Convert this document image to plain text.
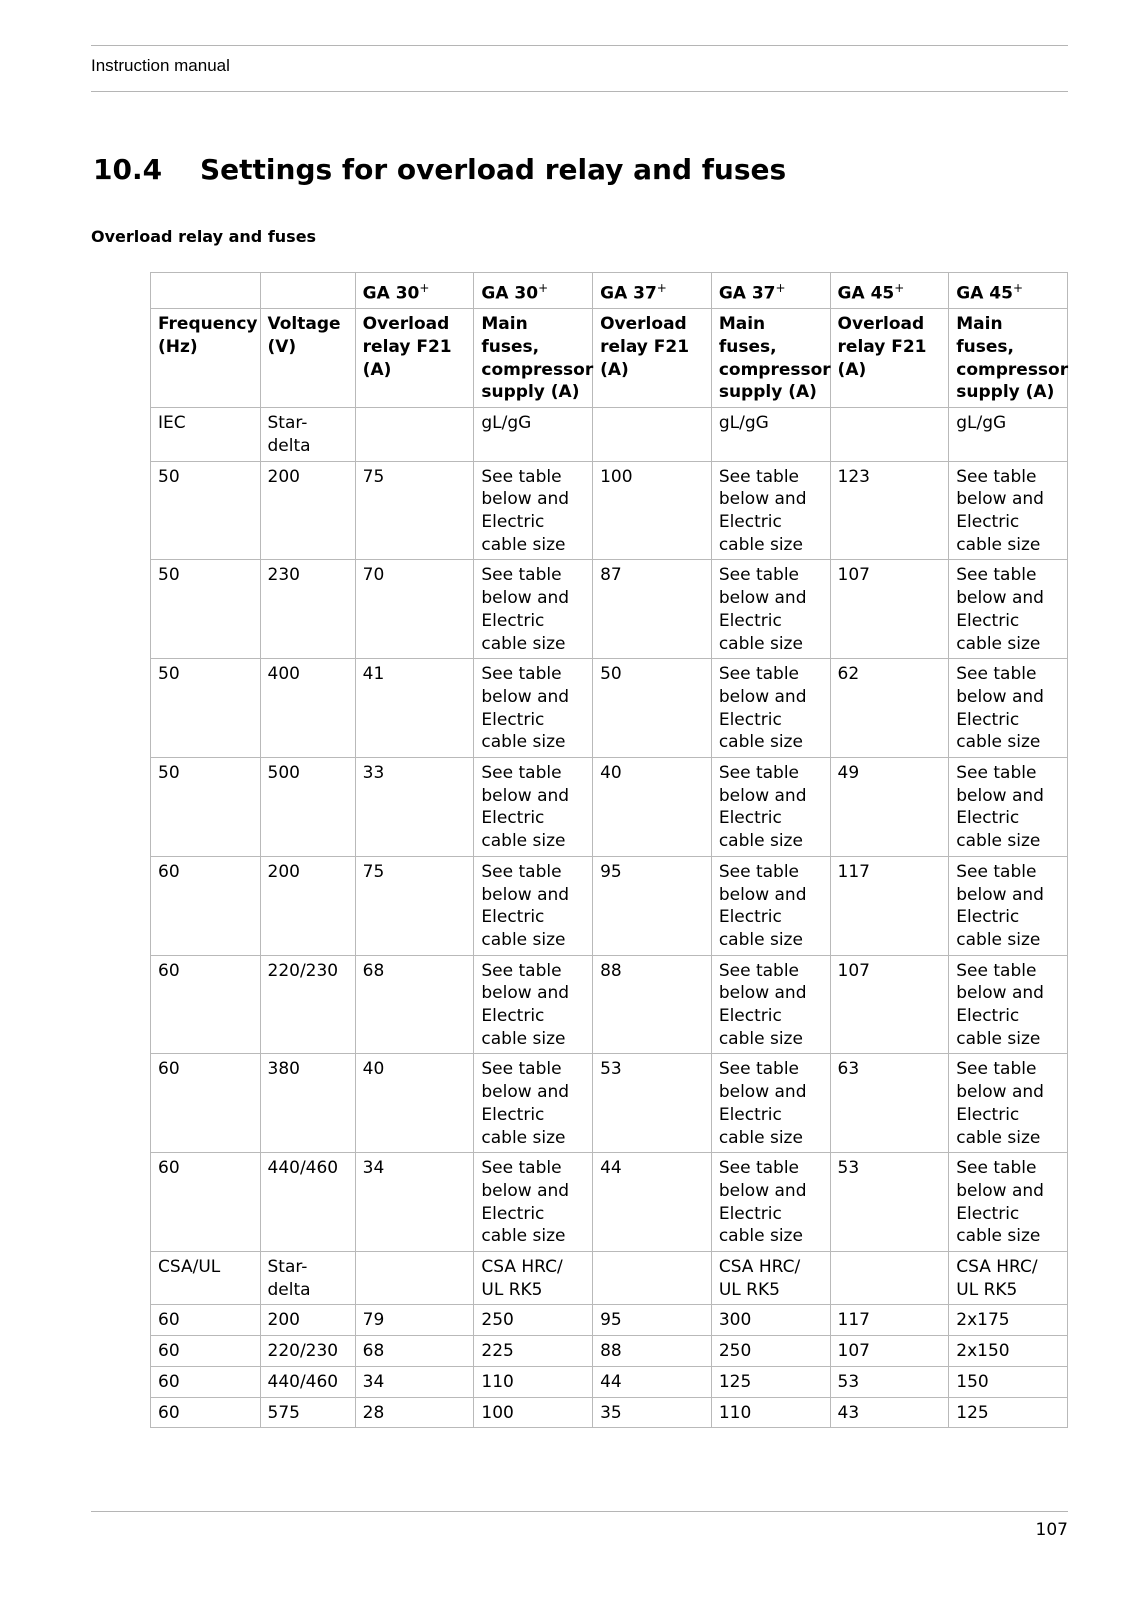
Instruction manual
10.4 Settings for overload relay and fuses
Overload relay and fuses
		GA 30+	GA 30+	GA 37+	GA 37+	GA 45+	GA 45+
Frequency
(Hz)	Voltage
(V)	Overload
relay F21
(A)	Main fuses,
compressor
supply (A)	Overload
relay F21
(A)	Main fuses,
compressor
supply (A)	Overload
relay F21
(A)	Main fuses,
compressor
supply (A)
IEC	Star-
delta		gL/gG		gL/gG		gL/gG
50	200	75	See table
below and
Electric
cable size	100	See table
below and
Electric
cable size	123	See table
below and
Electric
cable size
50	230	70	See table
below and
Electric
cable size	87	See table
below and
Electric
cable size	107	See table
below and
Electric
cable size
50	400	41	See table
below and
Electric
cable size	50	See table
below and
Electric
cable size	62	See table
below and
Electric
cable size
50	500	33	See table
below and
Electric
cable size	40	See table
below and
Electric
cable size	49	See table
below and
Electric
cable size
60	200	75	See table
below and
Electric
cable size	95	See table
below and
Electric
cable size	117	See table
below and
Electric
cable size
60	220/230	68	See table
below and
Electric
cable size	88	See table
below and
Electric
cable size	107	See table
below and
Electric
cable size
60	380	40	See table
below and
Electric
cable size	53	See table
below and
Electric
cable size	63	See table
below and
Electric
cable size
60	440/460	34	See table
below and
Electric
cable size	44	See table
below and
Electric
cable size	53	See table
below and
Electric
cable size
CSA/UL	Star-
delta		CSA HRC/
UL RK5		CSA HRC/
UL RK5		CSA HRC/
UL RK5
60	200	79	250	95	300	117	2x175
60	220/230	68	225	88	250	107	2x150
60	440/460	34	110	44	125	53	150
60	575	28	100	35	110	43	125
107
